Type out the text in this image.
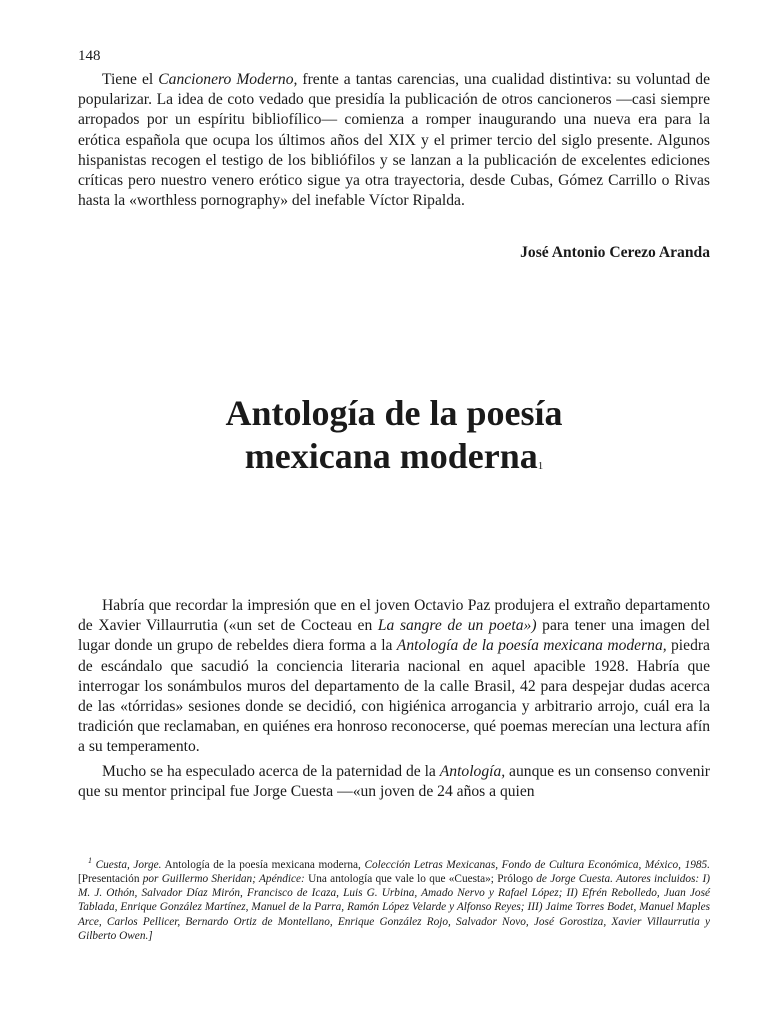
148

Tiene el Cancionero Moderno, frente a tantas carencias, una cualidad distintiva: su voluntad de popularizar. La idea de coto vedado que presidía la publicación de otros cancioneros —casi siempre arropados por un espíritu bibliofílico— comienza a romper inaugurando una nueva era para la erótica española que ocupa los últimos años del XIX y el primer tercio del siglo presente. Algunos hispanistas recogen el testigo de los bibliófilos y se lanzan a la publicación de excelentes ediciones críticas pero nuestro venero erótico sigue ya otra trayectoria, desde Cubas, Gómez Carrillo o Rivas hasta la «worthless pornography» del inefable Víctor Ripalda.

José Antonio Cerezo Aranda
Antología de la poesía
mexicana moderna$^1$

Habría que recordar la impresión que en el joven Octavio Paz produjera el extraño departamento de Xavier Villaurrutia («un set de Cocteau en La sangre de un poeta») para tener una imagen del lugar donde un grupo de rebeldes diera forma a la Antología de la poesía mexicana moderna, piedra de escándalo que sacudió la conciencia literaria nacional en aquel apacible 1928. Habría que interrogar los sonámbulos muros del departamento de la calle Brasil, 42 para despejar dudas acerca de las «tórridas» sesiones donde se decidió, con higiénica arrogancia y arbitrario arrojo, cuál era la tradición que reclamaban, en quiénes era honroso reconocerse, qué poemas merecían una lectura afín a su temperamento.

Mucho se ha especulado acerca de la paternidad de la Antología, aunque es un consenso convenir que su mentor principal fue Jorge Cuesta —«un joven de 24 años a quien

$^1$ Cuesta, Jorge. Antología de la poesía mexicana moderna, Colección Letras Mexicanas, Fondo de Cultura Económica, México, 1985. [Presentación por Guillermo Sheridan; Apéndice: Una antología que vale lo que «Cuesta»; Prólogo de Jorge Cuesta. Autores incluidos: I) M. J. Othón, Salvador Díaz Mirón, Francisco de Icaza, Luis G. Urbina, Amado Nervo y Rafael López; II) Efrén Rebolledo, Juan José Tablada, Enrique González Martínez, Manuel de la Parra, Ramón López Velarde y Alfonso Reyes; III) Jaime Torres Bodet, Manuel Maples Arce, Carlos Pellicer, Bernardo Ortiz de Montellano, Enrique González Rojo, Salvador Novo, José Gorostiza, Xavier Villaurrutia y Gilberto Owen.]
